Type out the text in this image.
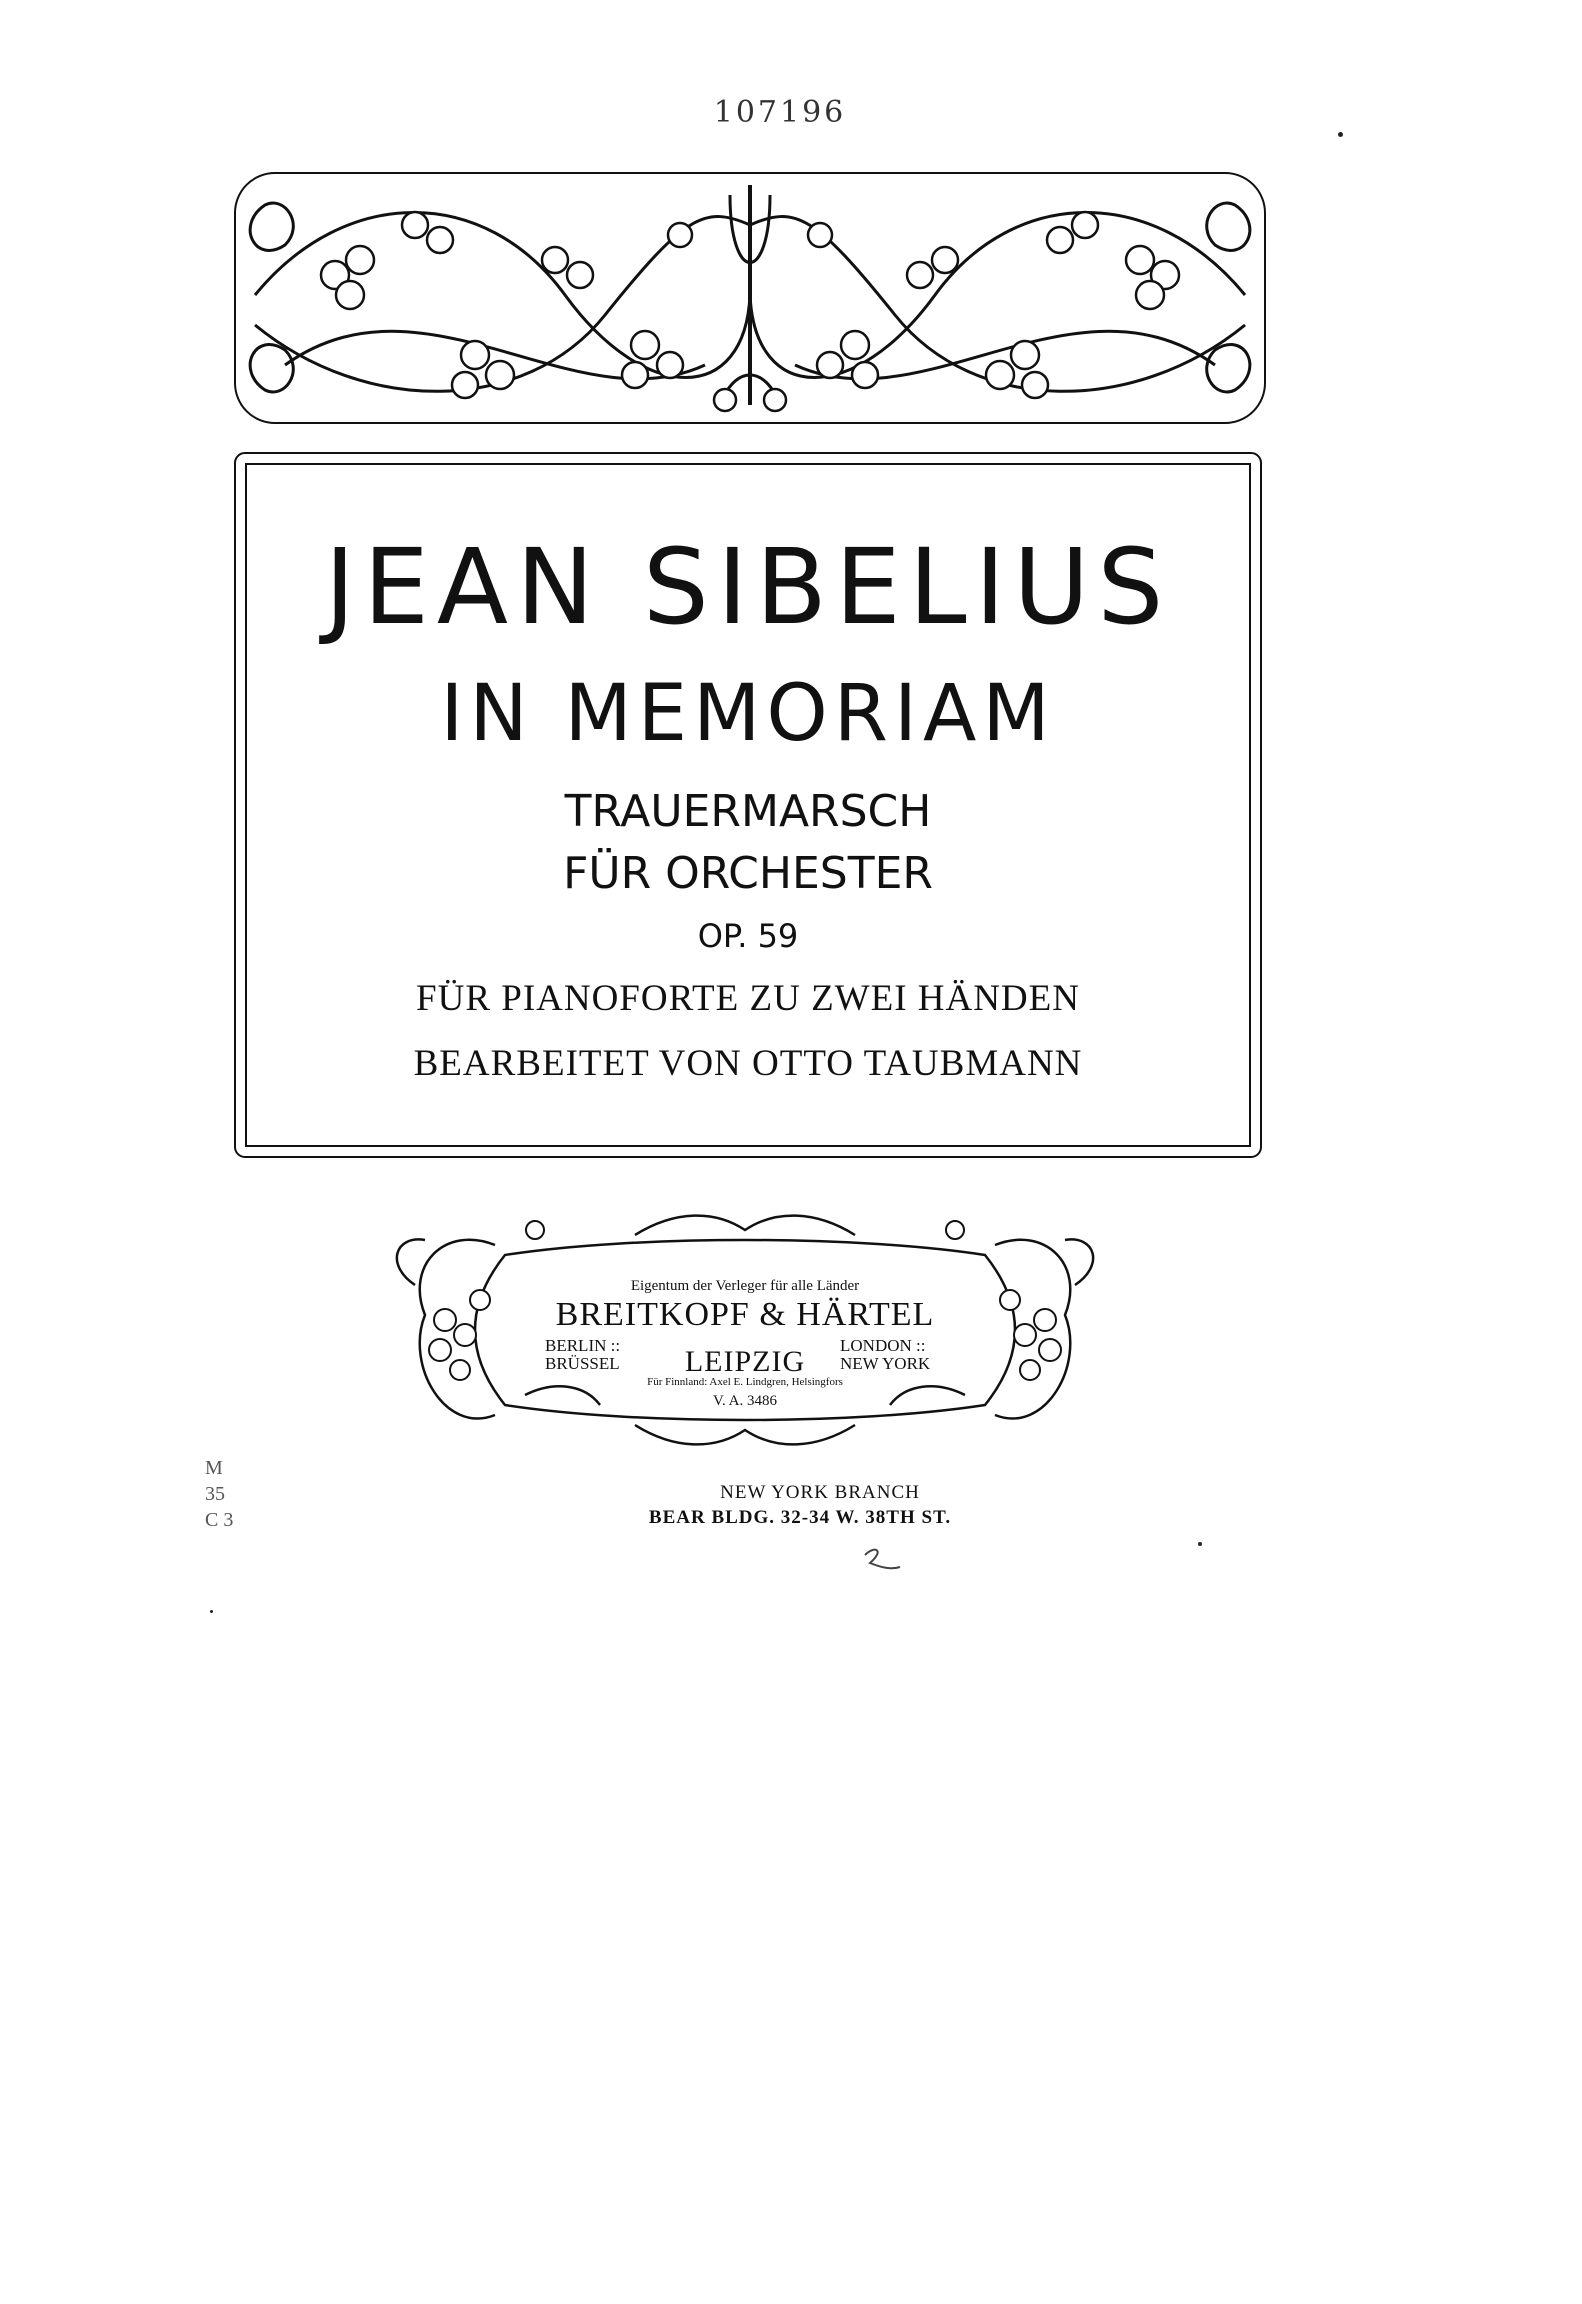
107196
JEAN SIBELIUS
IN MEMORIAM
TRAUERMARSCH
FÜR ORCHESTER
OP. 59
FÜR PIANOFORTE ZU ZWEI HÄNDEN
BEARBEITET VON OTTO TAUBMANN
Eigentum der Verleger für alle Länder
BREITKOPF & HÄRTEL
BERLIN ::
BRÜSSEL	LEIPZIG	LONDON ::
NEW YORK
Für Finnland: Axel E. Lindgren, Helsingfors
V. A. 3486
NEW YORK BRANCH
BEAR BLDG. 32-34 W. 38TH ST.
M
35
C 3
